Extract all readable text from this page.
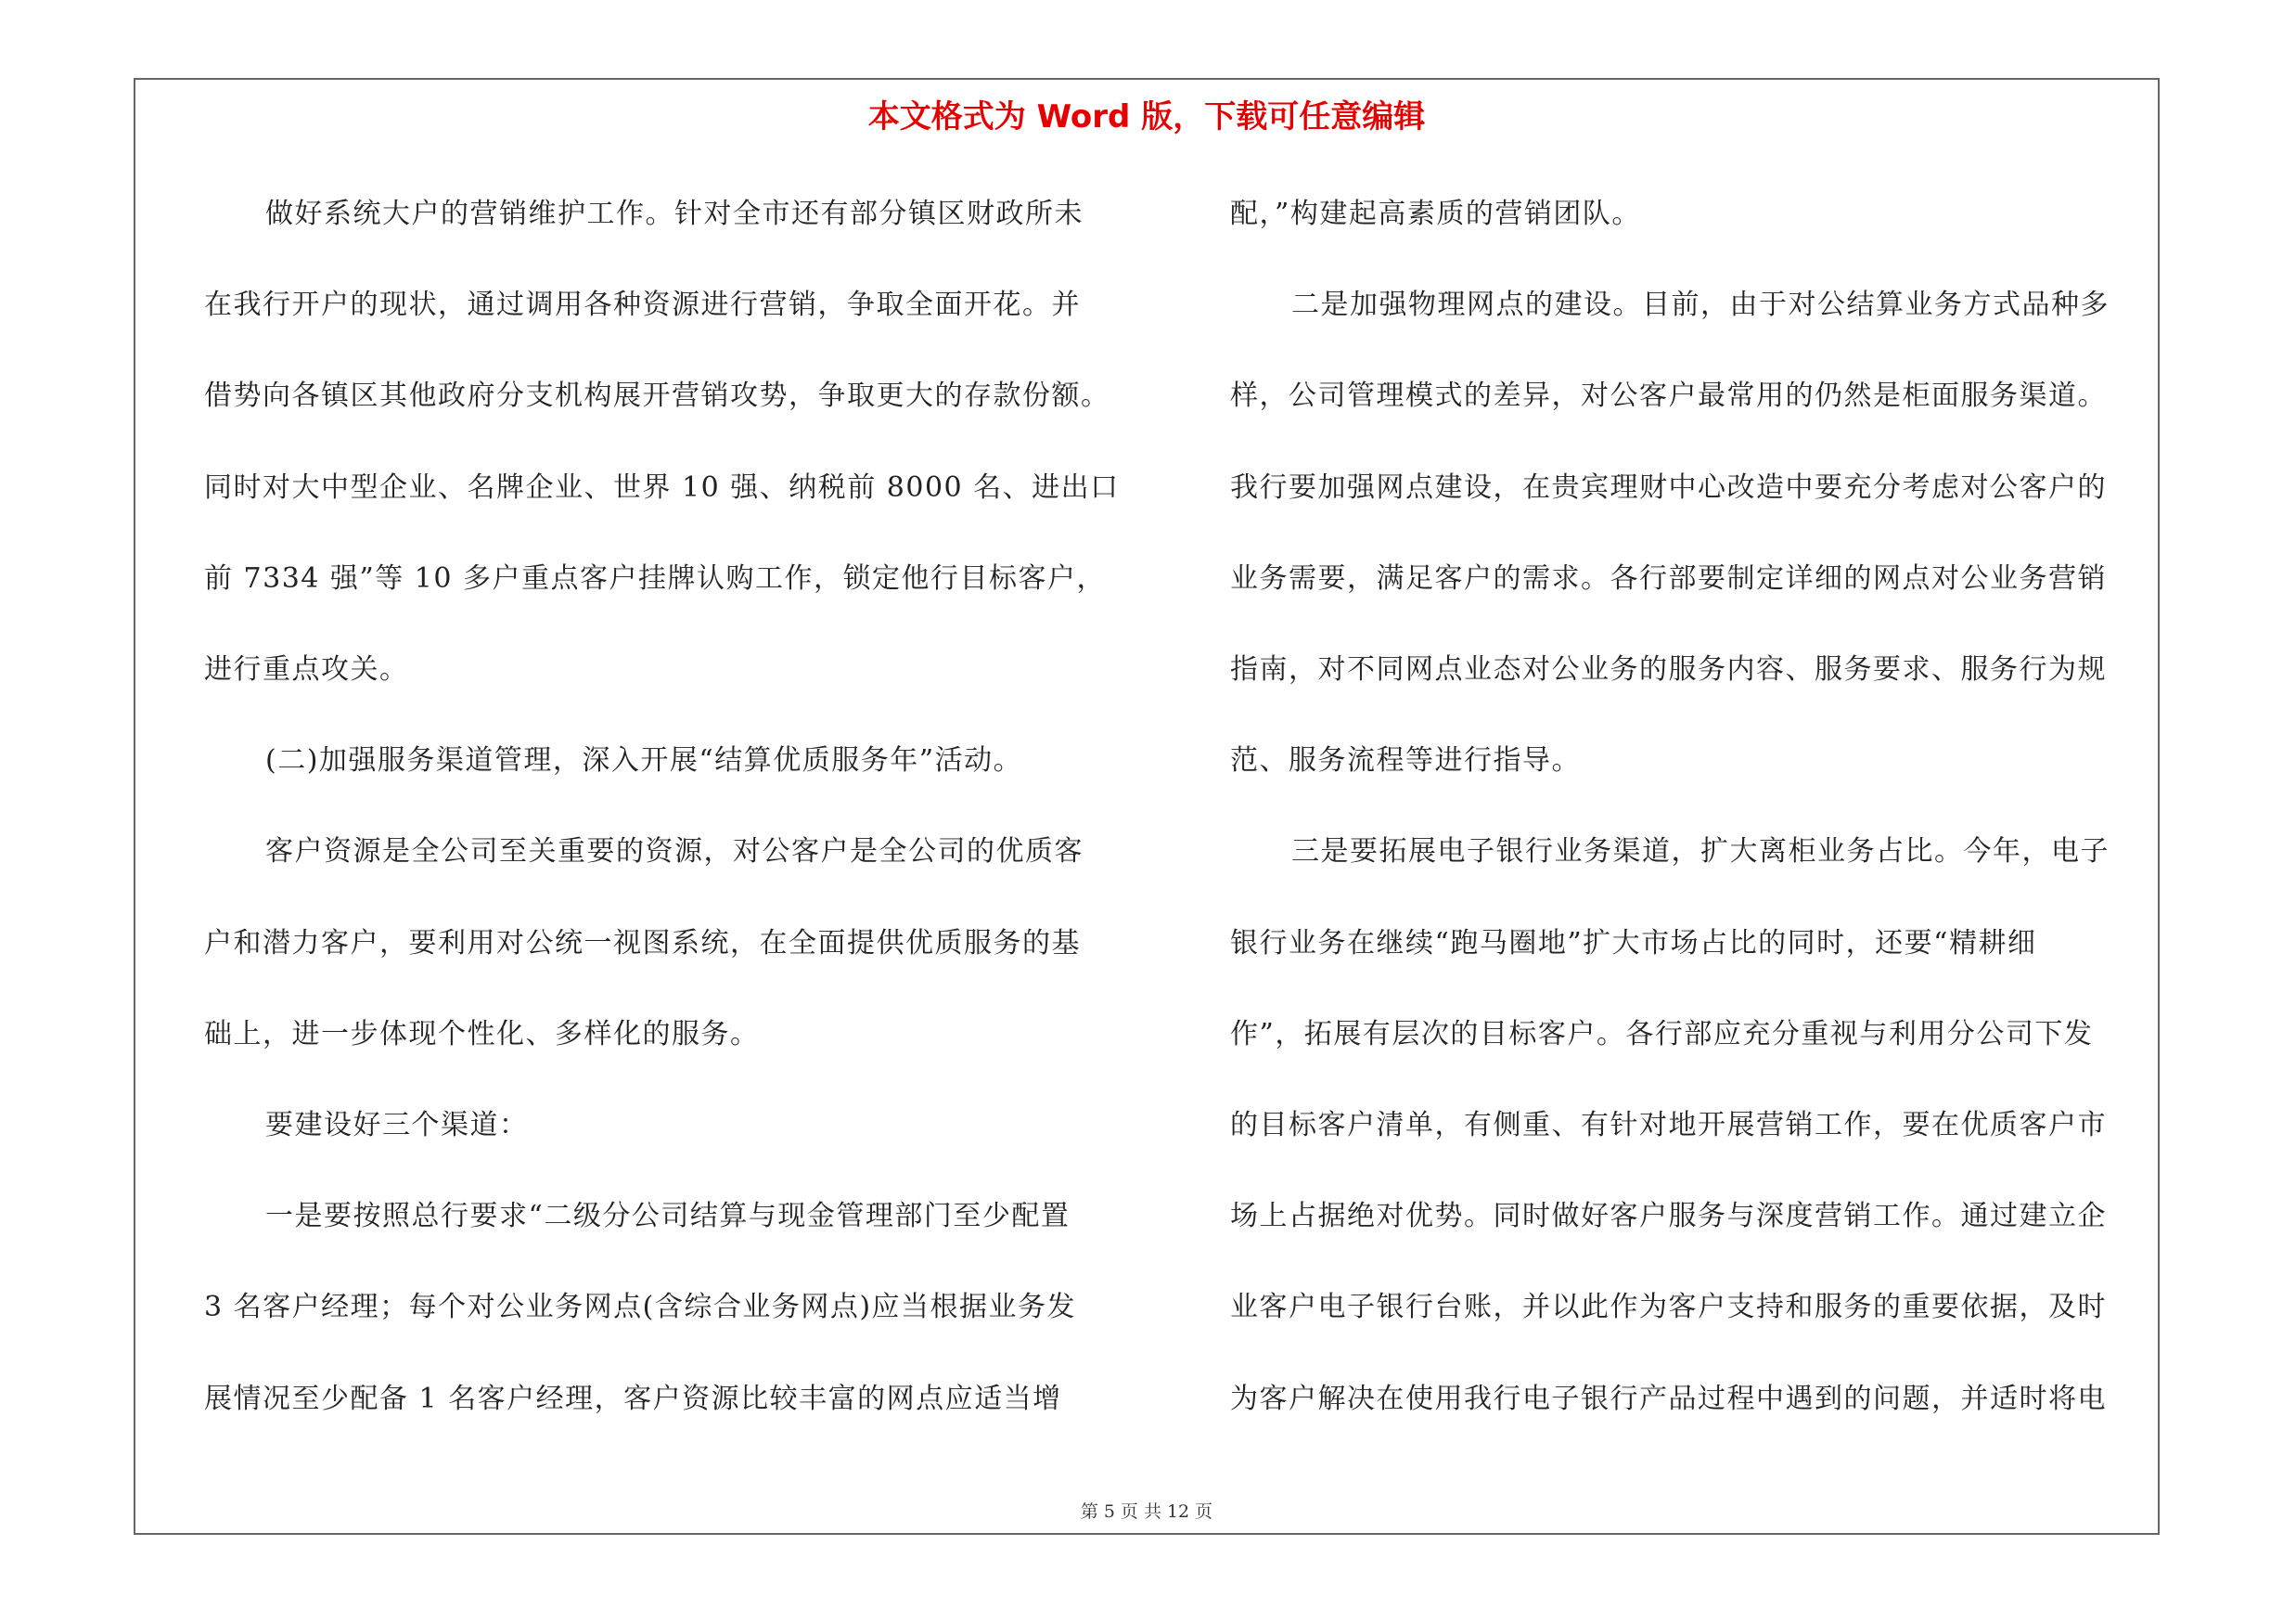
本文格式为 Word 版，下载可任意编辑

做好系统大户的营销维护工作。针对全市还有部分镇区财政所未

在我行开户的现状，通过调用各种资源进行营销，争取全面开花。并

借势向各镇区其他政府分支机构展开营销攻势，争取更大的存款份额。

同时对大中型企业、名牌企业、世界 10 强、纳税前 8000 名、进出口

前 7334 强”等 10 多户重点客户挂牌认购工作，锁定他行目标客户，

进行重点攻关。

(二)加强服务渠道管理，深入开展“结算优质服务年”活动。

客户资源是全公司至关重要的资源，对公客户是全公司的优质客

户和潜力客户，要利用对公统一视图系统，在全面提供优质服务的基

础上，进一步体现个性化、多样化的服务。

要建设好三个渠道：

一是要按照总行要求“二级分公司结算与现金管理部门至少配置

3 名客户经理；每个对公业务网点(含综合业务网点)应当根据业务发

展情况至少配备 1 名客户经理，客户资源比较丰富的网点应适当增

配，”构建起高素质的营销团队。

二是加强物理网点的建设。目前，由于对公结算业务方式品种多

样，公司管理模式的差异，对公客户最常用的仍然是柜面服务渠道。

我行要加强网点建设，在贵宾理财中心改造中要充分考虑对公客户的

业务需要，满足客户的需求。各行部要制定详细的网点对公业务营销

指南，对不同网点业态对公业务的服务内容、服务要求、服务行为规

范、服务流程等进行指导。

三是要拓展电子银行业务渠道，扩大离柜业务占比。今年，电子

银行业务在继续“跑马圈地”扩大市场占比的同时，还要“精耕细

作”，拓展有层次的目标客户。各行部应充分重视与利用分公司下发

的目标客户清单，有侧重、有针对地开展营销工作，要在优质客户市

场上占据绝对优势。同时做好客户服务与深度营销工作。通过建立企

业客户电子银行台账，并以此作为客户支持和服务的重要依据，及时

为客户解决在使用我行电子银行产品过程中遇到的问题，并适时将电

第 5 页 共 12 页
